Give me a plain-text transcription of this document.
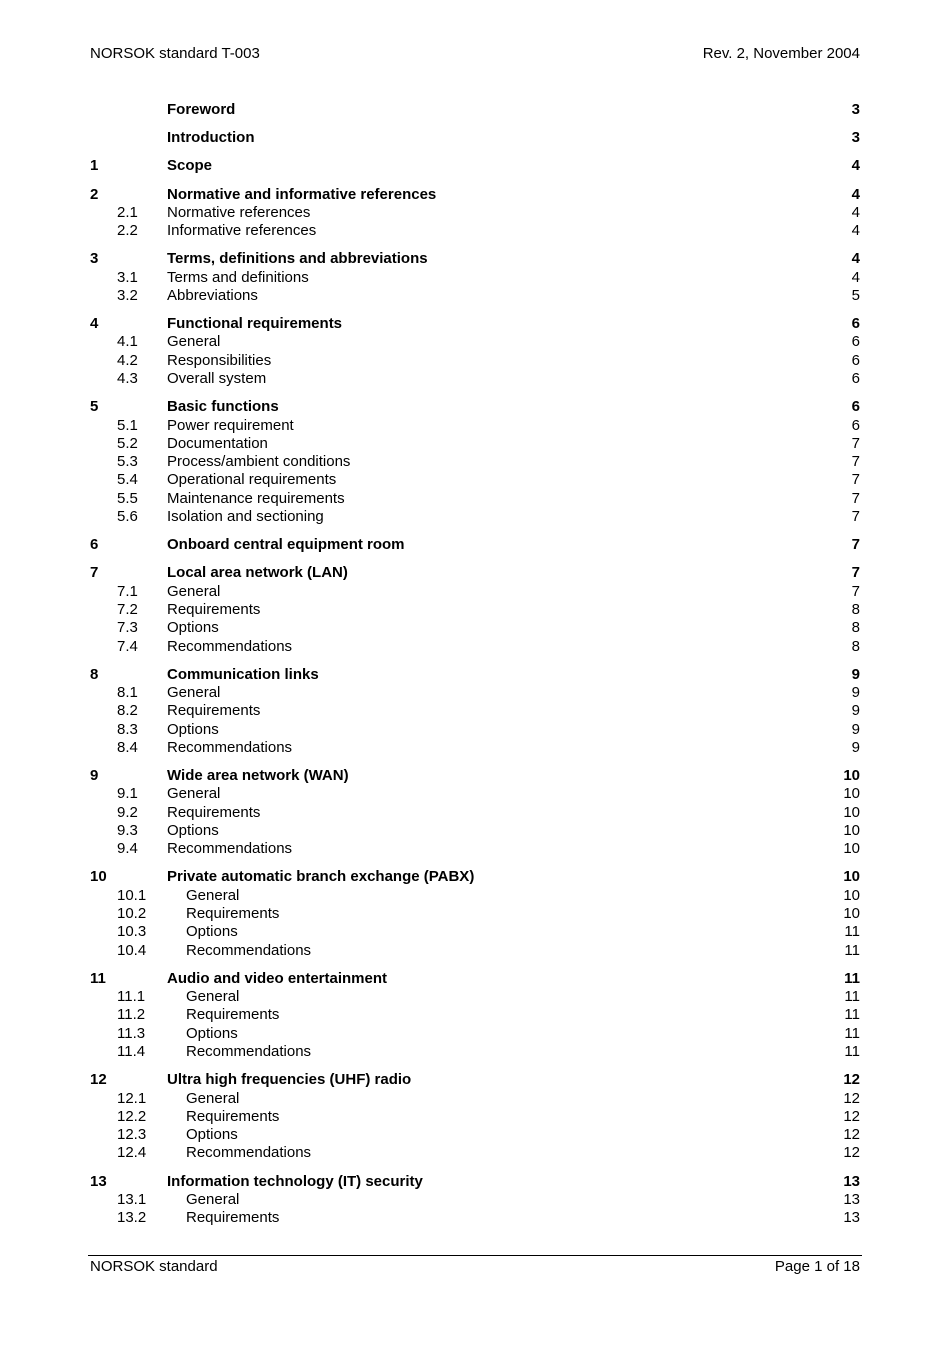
NORSOK standard T-003	Rev. 2, November 2004
Foreword	3
Introduction	3
1	Scope	4
2	Normative and informative references	4
2.1 Normative references	4
2.2 Informative references	4
3	Terms, definitions and abbreviations	4
3.1 Terms and definitions	4
3.2 Abbreviations	5
4	Functional requirements	6
4.1 General	6
4.2 Responsibilities	6
4.3 Overall system	6
5	Basic functions	6
5.1 Power requirement	6
5.2 Documentation	7
5.3 Process/ambient conditions	7
5.4 Operational requirements	7
5.5 Maintenance requirements	7
5.6 Isolation and sectioning	7
6	Onboard central equipment room	7
7	Local area network (LAN)	7
7.1 General	7
7.2 Requirements	8
7.3 Options	8
7.4 Recommendations	8
8	Communication links	9
8.1 General	9
8.2 Requirements	9
8.3 Options	9
8.4 Recommendations	9
9	Wide area network (WAN)	10
9.1 General	10
9.2 Requirements	10
9.3 Options	10
9.4 Recommendations	10
10	Private automatic branch exchange (PABX)	10
10.1	General	10
10.2	Requirements	10
10.3	Options	11
10.4	Recommendations	11
11	Audio and video entertainment	11
11.1	General	11
11.2	Requirements	11
11.3	Options	11
11.4	Recommendations	11
12	Ultra high frequencies (UHF) radio	12
12.1	General	12
12.2	Requirements	12
12.3	Options	12
12.4	Recommendations	12
13	Information technology (IT) security	13
13.1	General	13
13.2	Requirements	13
NORSOK standard	Page 1 of 18
